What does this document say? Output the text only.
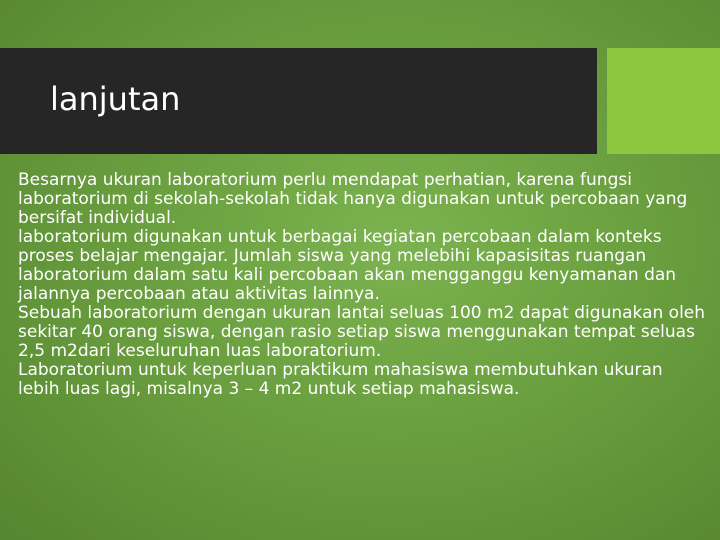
lanjutan

Besarnya ukuran laboratorium perlu mendapat perhatian, karena fungsi laboratorium di sekolah-sekolah tidak hanya digunakan untuk percobaan yang bersifat individual.

laboratorium digunakan untuk berbagai kegiatan percobaan dalam konteks proses belajar mengajar. Jumlah siswa yang melebihi kapasisitas ruangan laboratorium dalam satu kali percobaan akan mengganggu kenyamanan dan jalannya percobaan atau aktivitas lainnya.

Sebuah laboratorium dengan ukuran lantai seluas 100 m2 dapat digunakan oleh sekitar 40 orang siswa, dengan rasio setiap siswa menggunakan tempat seluas 2,5 m2dari keseluruhan luas laboratorium.

Laboratorium untuk keperluan praktikum mahasiswa membutuhkan ukuran lebih luas lagi, misalnya 3 – 4 m2 untuk setiap mahasiswa.
